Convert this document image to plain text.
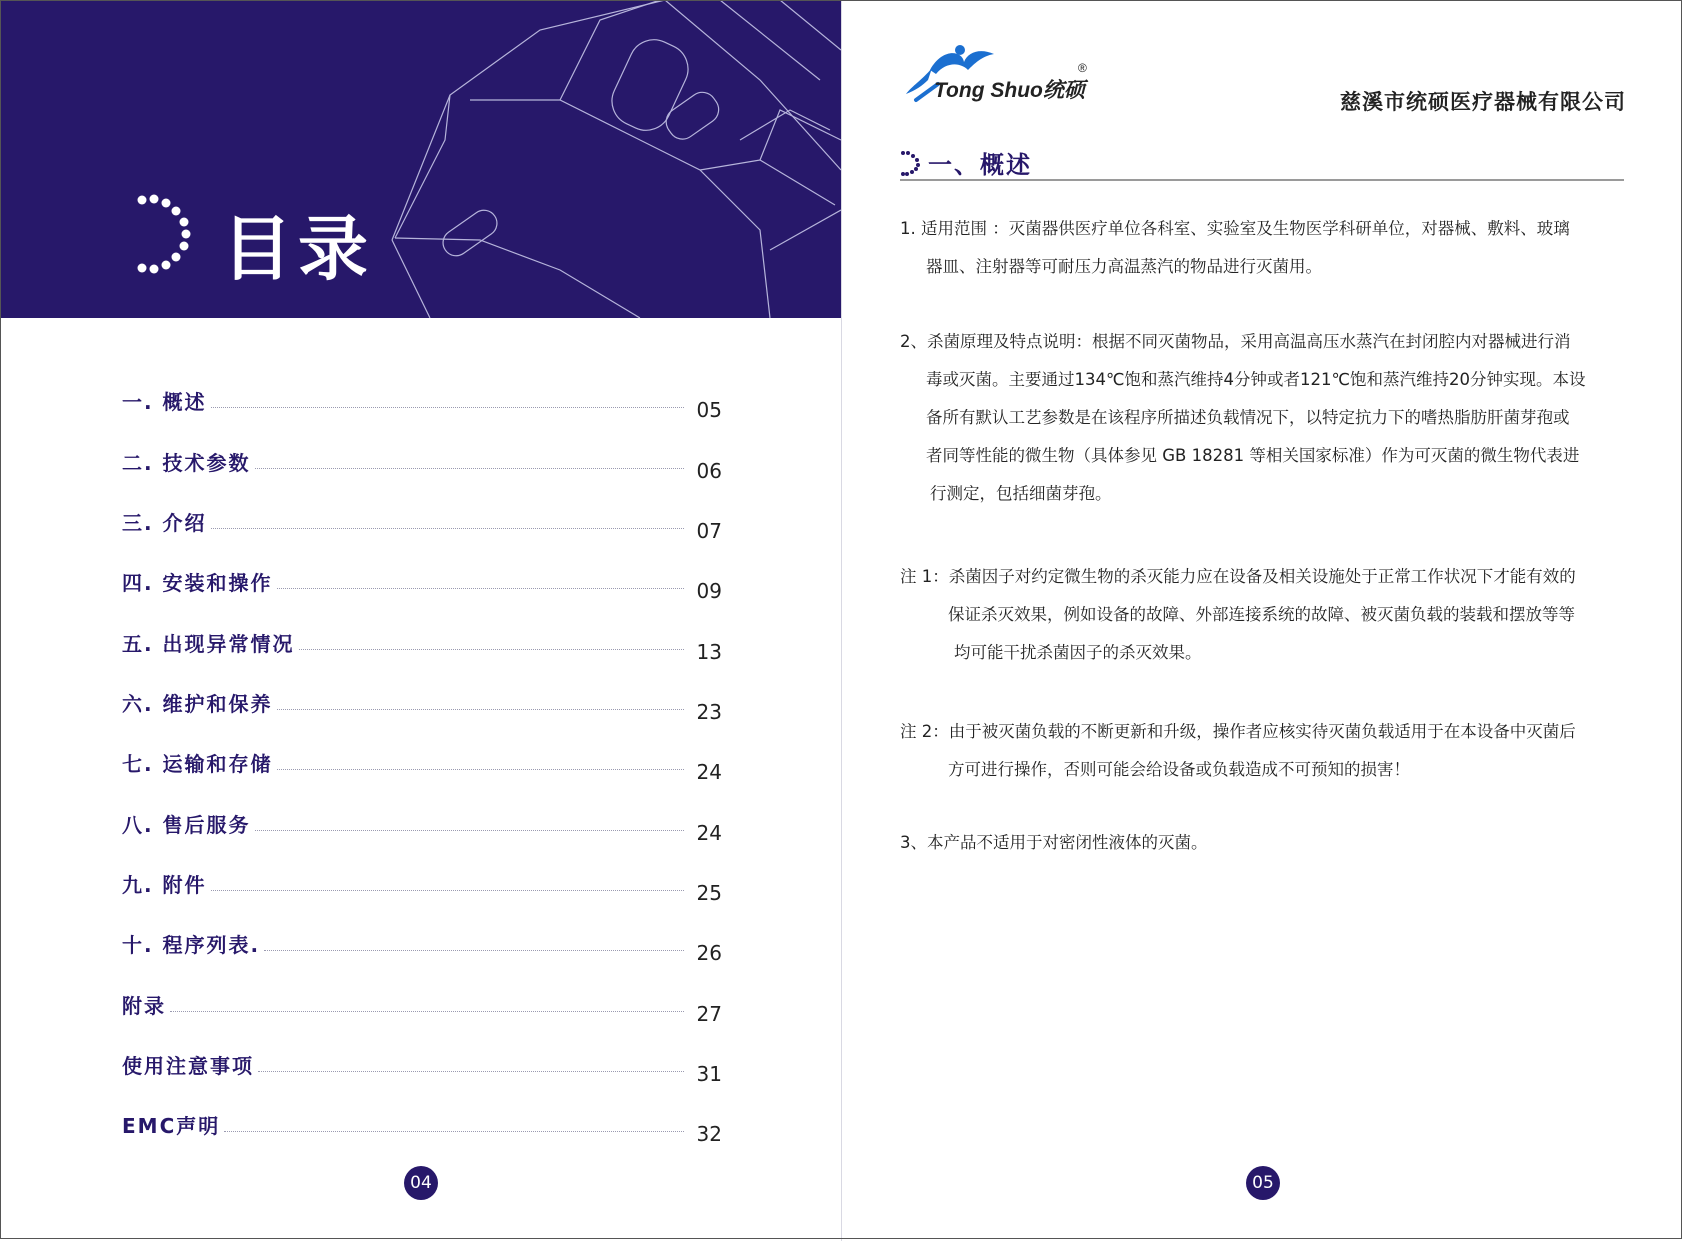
目录
一. 概述	05
二. 技术参数	06
三. 介绍	07
四. 安装和操作	09
五. 出现异常情况	13
六. 维护和保养	23
七. 运输和存储	24
八. 售后服务	24
九. 附件	25
十. 程序列表.	26
附录	27
使用注意事项	31
EMC声明	32
04
Tong Shuo统硕
®
慈溪市统硕医疗器械有限公司
一、概述
1. 适用范围 ：灭菌器供医疗单位各科室、实验室及生物医学科研单位，对器械、敷料、玻璃
器皿、注射器等可耐压力高温蒸汽的物品进行灭菌用。
2、杀菌原理及特点说明：根据不同灭菌物品，采用高温高压水蒸汽在封闭腔内对器械进行消
毒或灭菌。主要通过134℃饱和蒸汽维持4分钟或者121℃饱和蒸汽维持20分钟实现。本设
备所有默认工艺参数是在该程序所描述负载情况下，以特定抗力下的嗜热脂肪肝菌芽孢或
者同等性能的微生物（具体参见 GB 18281 等相关国家标准）作为可灭菌的微生物代表进
行测定，包括细菌芽孢。
注 1：杀菌因子对约定微生物的杀灭能力应在设备及相关设施处于正常工作状况下才能有效的
保证杀灭效果，例如设备的故障、外部连接系统的故障、被灭菌负载的装载和摆放等等
均可能干扰杀菌因子的杀灭效果。
注 2：由于被灭菌负载的不断更新和升级，操作者应核实待灭菌负载适用于在本设备中灭菌后
方可进行操作，否则可能会给设备或负载造成不可预知的损害！
3、本产品不适用于对密闭性液体的灭菌。
05
